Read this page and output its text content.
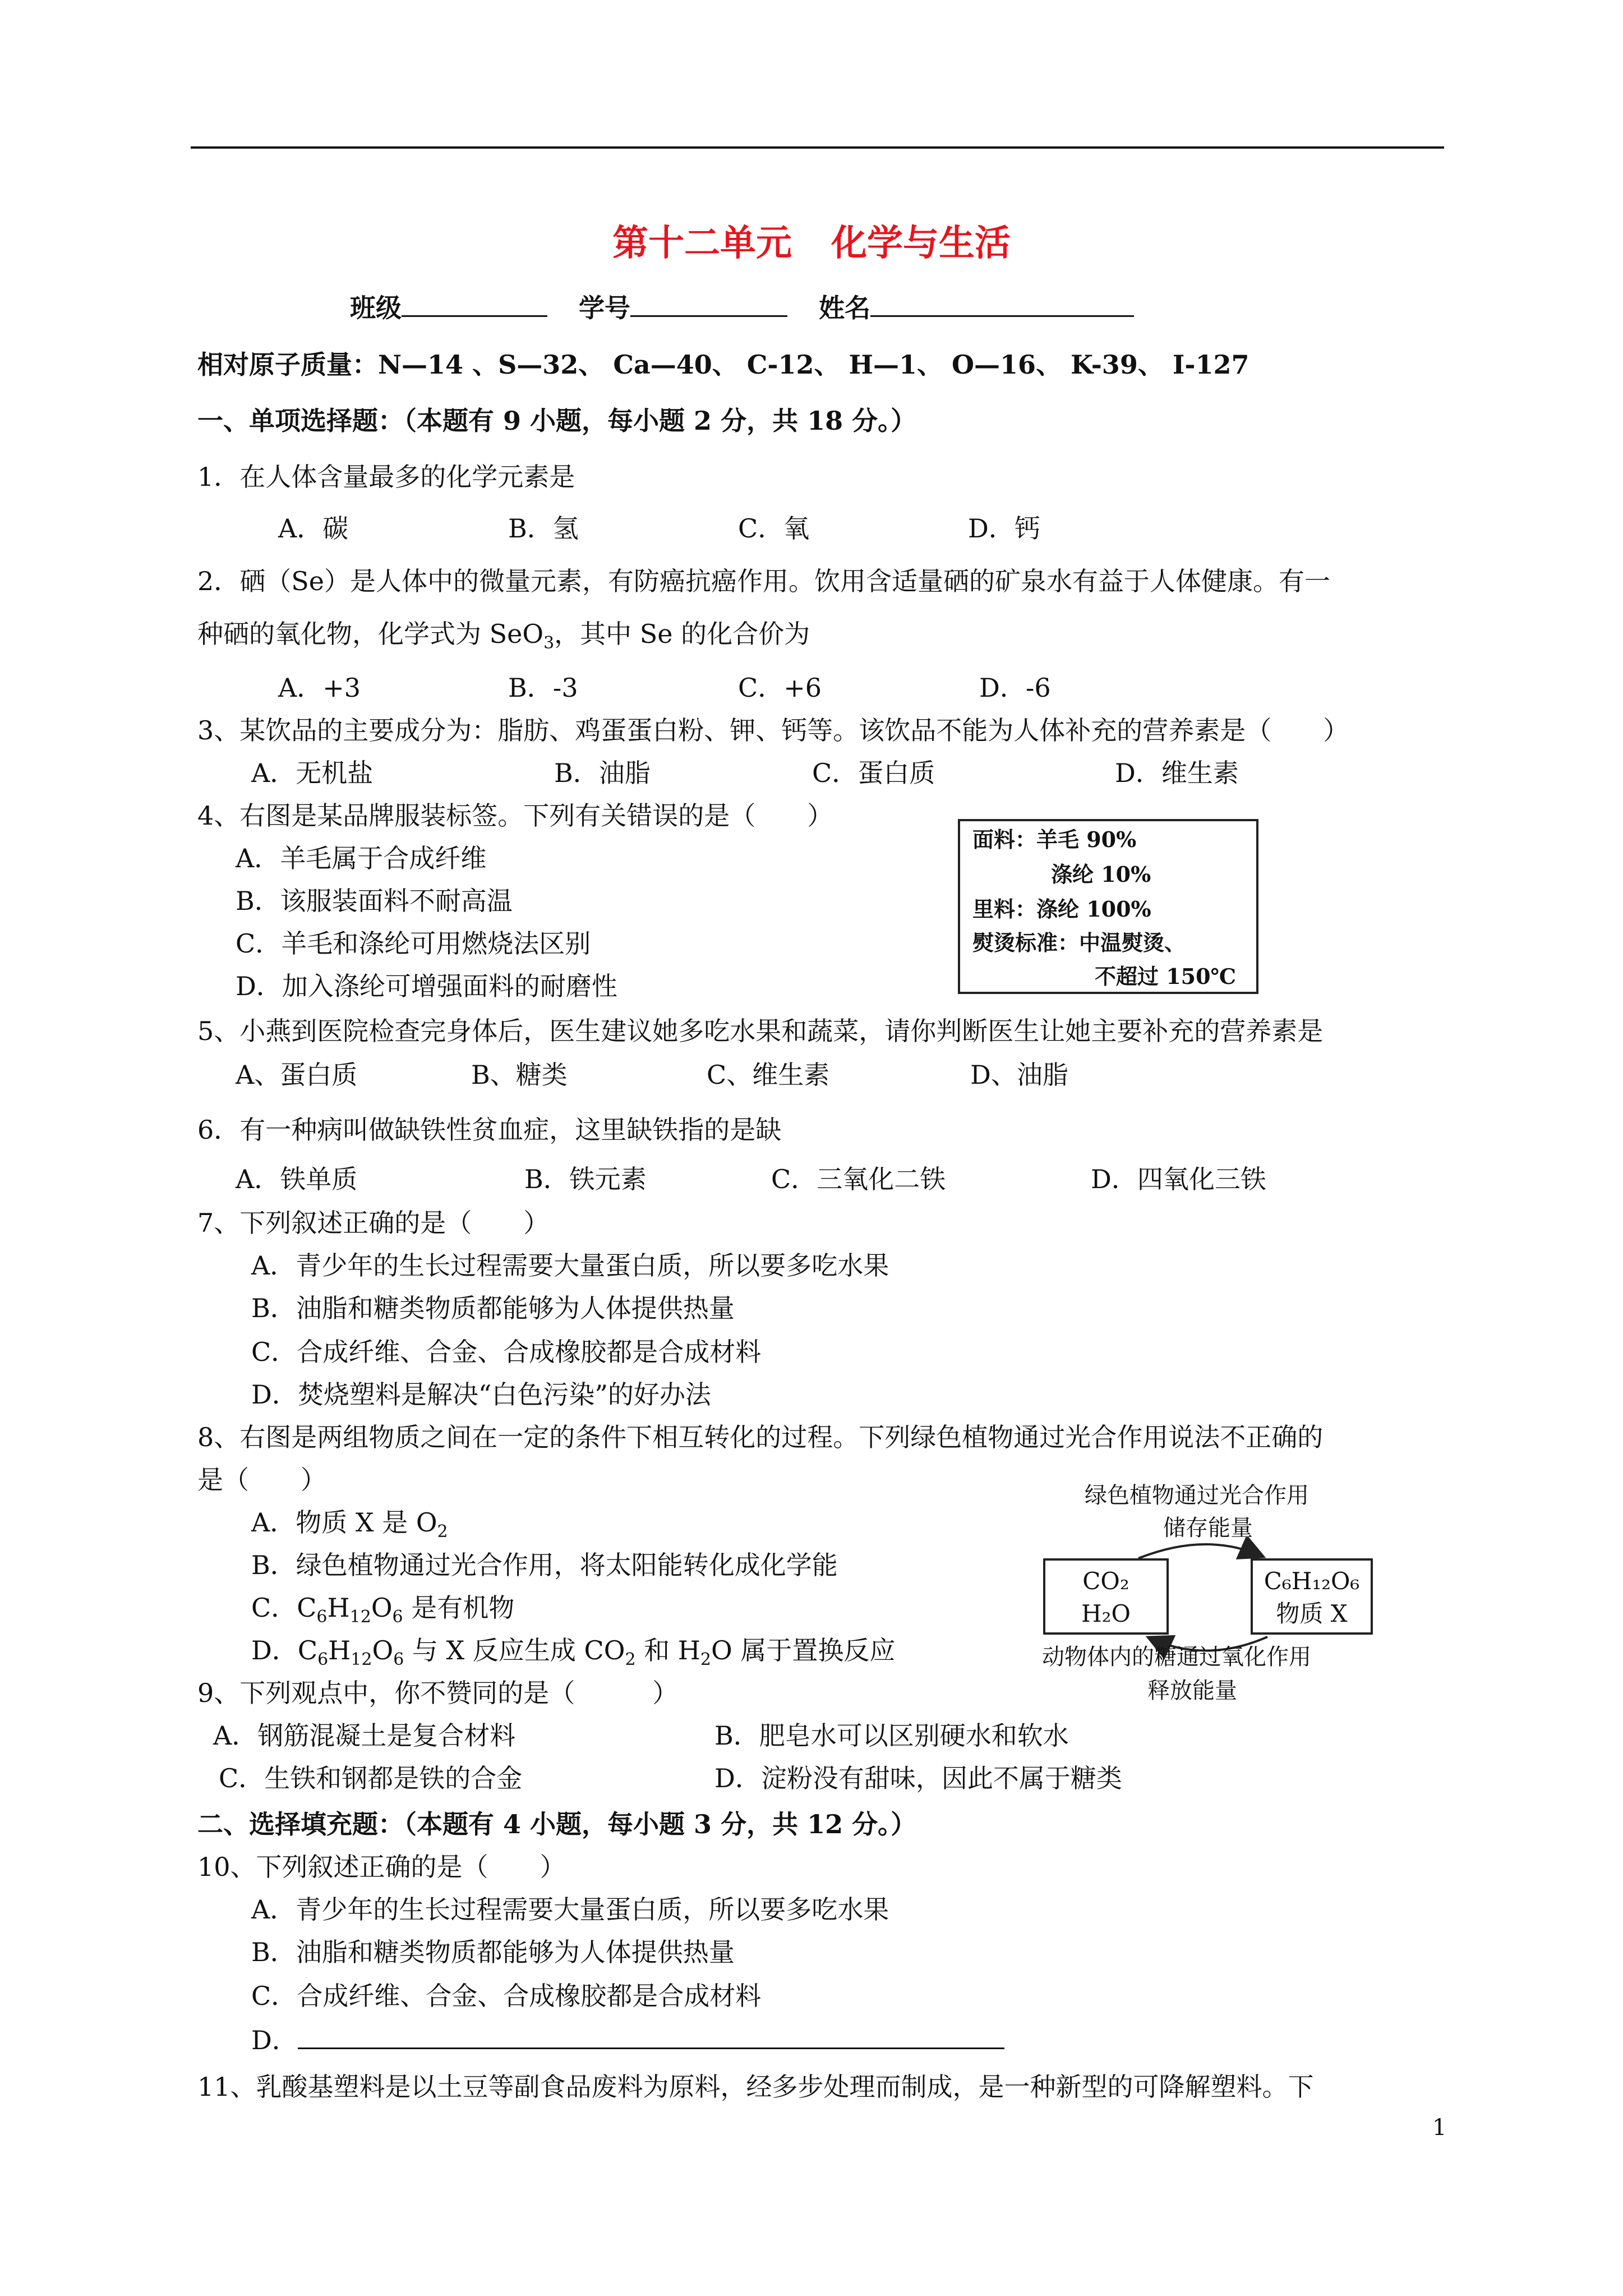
第十二单元 化学与生活
班级	学号	姓名
相对原子质量：N—14 、S—32、 Ca—40、 C-12、 H—1、 O—16、 K-39、 I-127
一、单项选择题：（本题有 9 小题，每小题 2 分，共 18 分。）
1．在人体含量最多的化学元素是
A．碳	B．氢	C．氧	D．钙
2．硒（Se）是人体中的微量元素，有防癌抗癌作用。饮用含适量硒的矿泉水有益于人体健康。有一
种硒的氧化物，化学式为 SeO$_3$，其中 Se 的化合价为
A．+3	B．-3	C．+6	D．-6
3、某饮品的主要成分为：脂肪、鸡蛋蛋白粉、钾、钙等。该饮品不能为人体补充的营养素是（　　）
A．无机盐	B．油脂	C．蛋白质	D．维生素
4、右图是某品牌服装标签。下列有关错误的是（　　）
A．羊毛属于合成纤维
B．该服装面料不耐高温
C．羊毛和涤纶可用燃烧法区别
D．加入涤纶可增强面料的耐磨性
面料：羊毛 90%
涤纶 10%
里料：涤纶 100%
熨烫标准：中温熨烫、
不超过 150℃
5、小燕到医院检查完身体后，医生建议她多吃水果和蔬菜，请你判断医生让她主要补充的营养素是
A、蛋白质	B、糖类	C、维生素	D、油脂
6．有一种病叫做缺铁性贫血症，这里缺铁指的是缺
A．铁单质	B．铁元素	C．三氧化二铁	D．四氧化三铁
7、下列叙述正确的是（　　）
A．青少年的生长过程需要大量蛋白质，所以要多吃水果
B．油脂和糖类物质都能够为人体提供热量
C．合成纤维、合金、合成橡胶都是合成材料
D．焚烧塑料是解决“白色污染”的好办法
8、右图是两组物质之间在一定的条件下相互转化的过程。下列绿色植物通过光合作用说法不正确的
是（　　）
A．物质 X 是 $O_2$
B．绿色植物通过光合作用，将太阳能转化成化学能
C．$C_6H_{12}O_6$ 是有机物
D．$C_6H_{12}O_6$ 与 X 反应生成 $CO_2$ 和 $H_2O$ 属于置换反应
绿色植物通过光合作用
储存能量
CO₂
H₂O
C₆H₁₂O₆
物质 X
动物体内的糖通过氧化作用
释放能量
9、下列观点中，你不赞同的是（　　　）
A．钢筋混凝土是复合材料	B．肥皂水可以区别硬水和软水
C．生铁和钢都是铁的合金	D．淀粉没有甜味，因此不属于糖类
二、选择填充题：（本题有 4 小题，每小题 3 分，共 12 分。）
10、下列叙述正确的是（　　）
A．青少年的生长过程需要大量蛋白质，所以要多吃水果
B．油脂和糖类物质都能够为人体提供热量
C．合成纤维、合金、合成橡胶都是合成材料
D．
11、乳酸基塑料是以土豆等副食品废料为原料，经多步处理而制成，是一种新型的可降解塑料。下
1
